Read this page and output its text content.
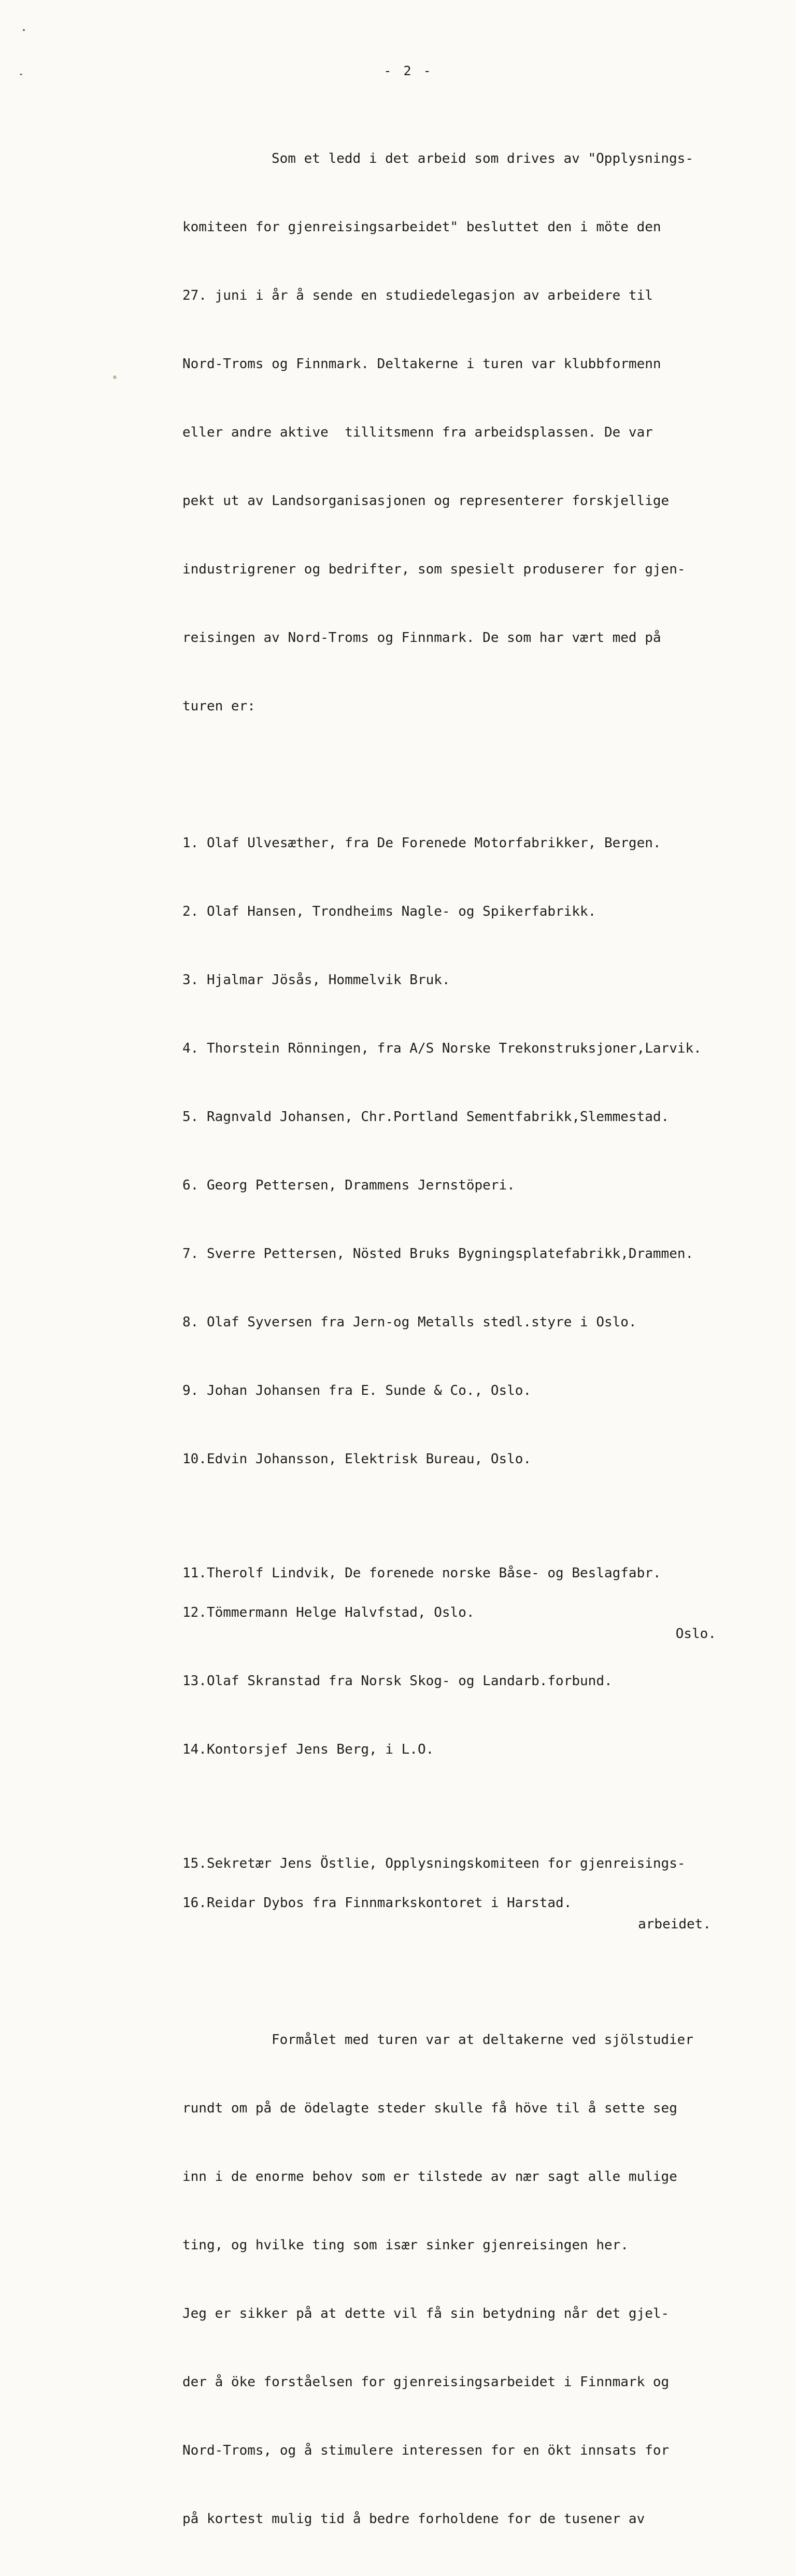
- 2 -

Som et ledd i det arbeid som drives av "Opplysnings-

komiteen for gjenreisingsarbeidet" besluttet den i möte den

27. juni i år å sende en studiedelegasjon av arbeidere til

Nord-Troms og Finnmark. Deltakerne i turen var klubbformenn

eller andre aktive  tillitsmenn fra arbeidsplassen. De var

pekt ut av Landsorganisasjonen og representerer forskjellige

industrigrener og bedrifter, som spesielt produserer for gjen-

reisingen av Nord-Troms og Finnmark. De som har vært med på

turen er:

1. Olaf Ulvesæther, fra De Forenede Motorfabrikker, Bergen.

2. Olaf Hansen, Trondheims Nagle- og Spikerfabrikk.

3. Hjalmar Jösås, Hommelvik Bruk.

4. Thorstein Rönningen, fra A/S Norske Trekonstruksjoner,Larvik.

5. Ragnvald Johansen, Chr.Portland Sementfabrikk,Slemmestad.

6. Georg Pettersen, Drammens Jernstöperi.

7. Sverre Pettersen, Nösted Bruks Bygningsplatefabrikk,Drammen.

8. Olaf Syversen fra Jern-og Metalls stedl.styre i Oslo.

9. Johan Johansen fra E. Sunde & Co., Oslo.

10.Edvin Johansson, Elektrisk Bureau, Oslo.

11.Therolf Lindvik, De forenede norske Båse- og Beslagfabr.

Oslo.

12.Tömmermann Helge Halvfstad, Oslo.

13.Olaf Skranstad fra Norsk Skog- og Landarb.forbund.

14.Kontorsjef Jens Berg, i L.O.

15.Sekretær Jens Östlie, Opplysningskomiteen for gjenreisings-

arbeidet.

16.Reidar Dybos fra Finnmarkskontoret i Harstad.

Formålet med turen var at deltakerne ved sjölstudier

rundt om på de ödelagte steder skulle få höve til å sette seg

inn i de enorme behov som er tilstede av nær sagt alle mulige

ting, og hvilke ting som især sinker gjenreisingen her.

Jeg er sikker på at dette vil få sin betydning når det gjel-

der å öke forståelsen for gjenreisingsarbeidet i Finnmark og

Nord-Troms, og å stimulere interessen for en ökt innsats for

på kortest mulig tid å bedre forholdene for de tusener av
